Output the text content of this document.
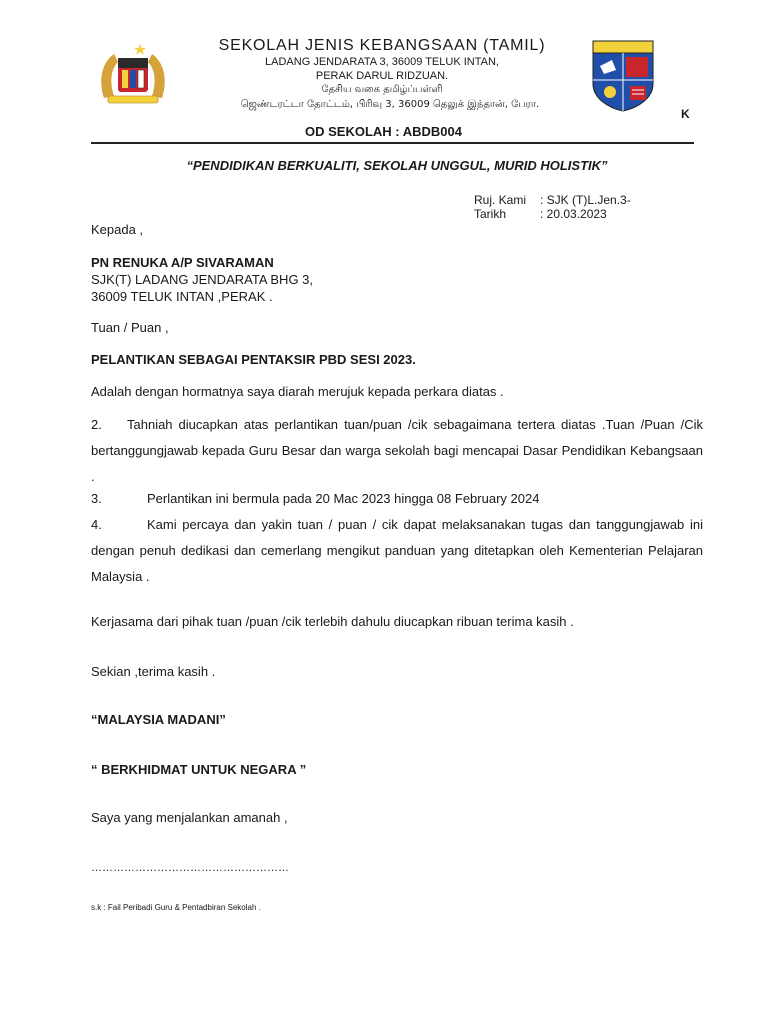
SEKOLAH JENIS KEBANGSAAN (TAMIL)
LADANG JENDARATA 3, 36009 TELUK INTAN,
PERAK DARUL RIDZUAN.
தேசிய வகை தமிழ்ப்பள்ளி
ஜெண்டரட்டா தோட்டம், பிரிவு 3, 36009 தெலுக் இந்தான், பேரா.
K
OD SEKOLAH : ABDB004
“PENDIDIKAN BERKUALITI, SEKOLAH UNGGUL, MURID HOLISTIK”
Ruj. Kami : SJK (T)L.Jen.3-
Tarikh	: 20.03.2023
Kepada ,
PN RENUKA A/P SIVARAMAN
SJK(T) LADANG JENDARATA BHG 3,
36009 TELUK INTAN ,PERAK .
Tuan / Puan ,
PELANTIKAN SEBAGAI PENTAKSIR PBD SESI 2023.
Adalah dengan hormatnya saya diarah merujuk kepada perkara diatas .
2. Tahniah diucapkan atas perlantikan tuan/puan /cik sebagaimana tertera diatas .Tuan /Puan /Cik bertanggungjawab kepada Guru Besar dan warga sekolah bagi mencapai Dasar Pendidikan Kebangsaan .
3.	Perlantikan ini bermula pada 20 Mac 2023 hingga 08 February 2024
4.	Kami percaya dan yakin tuan / puan / cik dapat melaksanakan tugas dan tanggungjawab ini dengan penuh dedikasi dan cemerlang mengikut panduan yang ditetapkan oleh Kementerian Pelajaran Malaysia .
Kerjasama dari pihak tuan /puan /cik terlebih dahulu diucapkan ribuan terima kasih .
Sekian ,terima kasih .
“MALAYSIA MADANI”
“ BERKHIDMAT UNTUK NEGARA ”
Saya yang menjalankan amanah ,
………………………………………………
s.k : Fail Peribadi Guru & Pentadbiran Sekolah .
